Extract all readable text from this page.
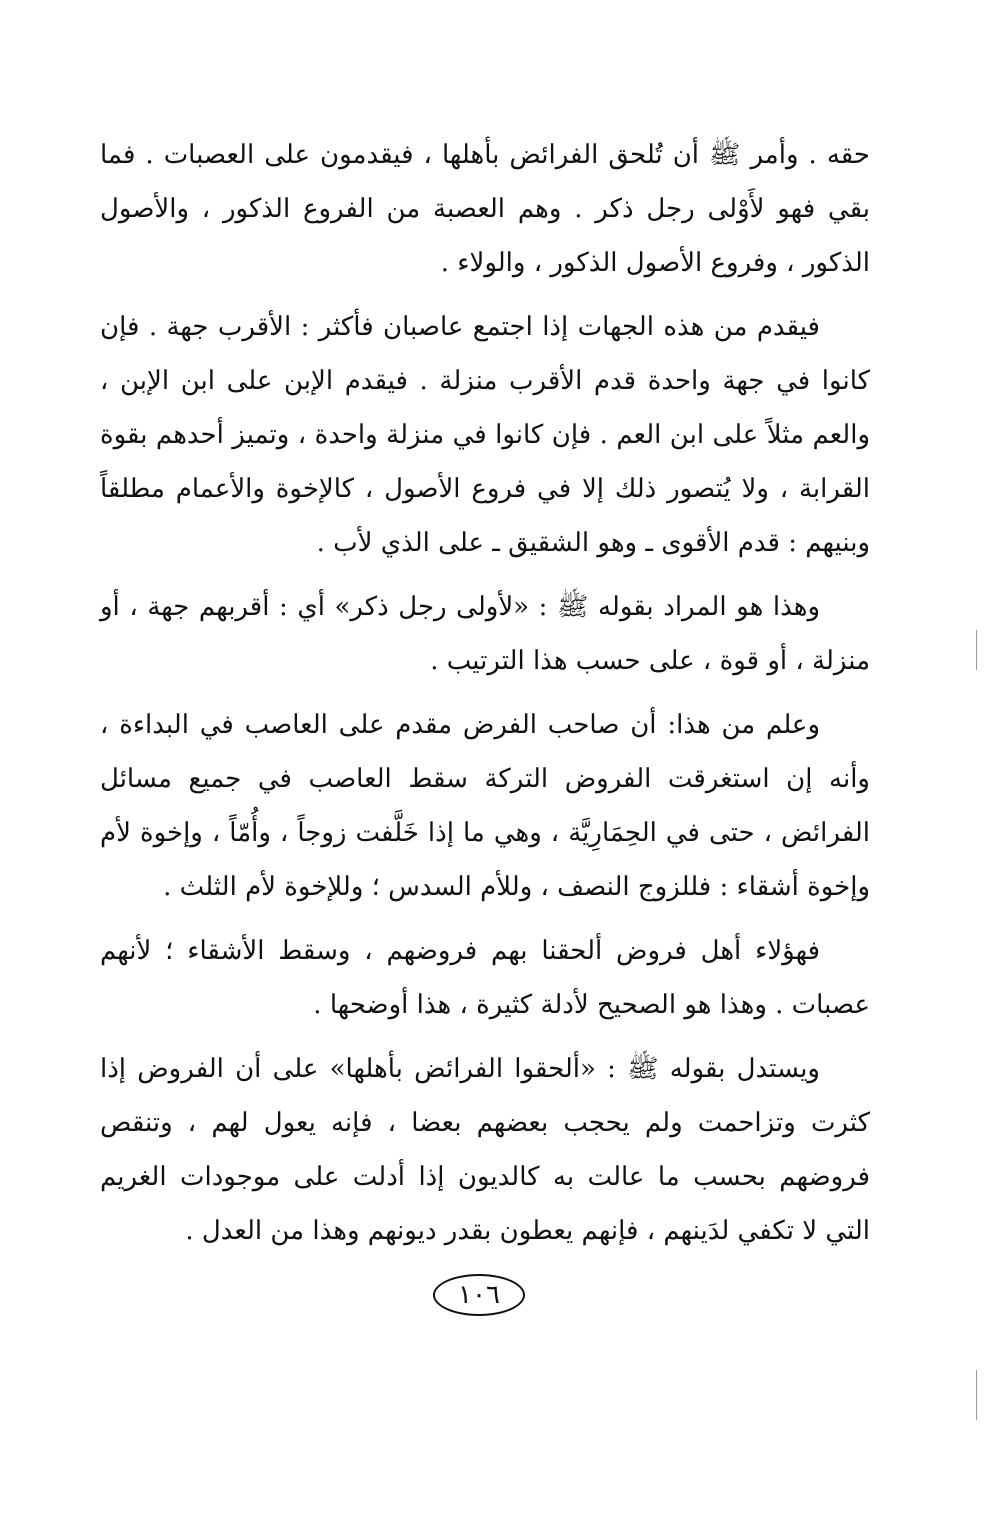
حقه . وأمر ﷺ أن تُلحق الفرائض بأهلها ، فيقدمون على العصبات . فما بقي فهو لأَوْلى رجل ذكر . وهم العصبة من الفروع الذكور ، والأصول الذكور ، وفروع الأصول الذكور ، والولاء .

فيقدم من هذه الجهات إذا اجتمع عاصبان فأكثر : الأقرب جهة . فإن كانوا في جهة واحدة قدم الأقرب منزلة . فيقدم الإبن على ابن الإبن ، والعم مثلاً على ابن العم . فإن كانوا في منزلة واحدة ، وتميز أحدهم بقوة القرابة ، ولا يُتصور ذلك إلا في فروع الأصول ، كالإخوة والأعمام مطلقاً وبنيهم : قدم الأقوى ـ وهو الشقيق ـ على الذي لأب .

وهذا هو المراد بقوله ﷺ : «لأولى رجل ذكر» أي : أقربهم جهة ، أو منزلة ، أو قوة ، على حسب هذا الترتيب .

وعلم من هذا: أن صاحب الفرض مقدم على العاصب في البداءة ، وأنه إن استغرقت الفروض التركة سقط العاصب في جميع مسائل الفرائض ، حتى في الحِمَارِيَّة ، وهي ما إذا خَلَّفت زوجاً ، وأُمّاً ، وإخوة لأم وإخوة أشقاء : فللزوج النصف ، وللأم السدس ؛ وللإخوة لأم الثلث .

فهؤلاء أهل فروض ألحقنا بهم فروضهم ، وسقط الأشقاء ؛ لأنهم عصبات . وهذا هو الصحيح لأدلة كثيرة ، هذا أوضحها .

ويستدل بقوله ﷺ : «ألحقوا الفرائض بأهلها» على أن الفروض إذا كثرت وتزاحمت ولم يحجب بعضهم بعضا ، فإنه يعول لهم ، وتنقص فروضهم بحسب ما عالت به كالديون إذا أدلت على موجودات الغريم التي لا تكفي لدَينهم ، فإنهم يعطون بقدر ديونهم وهذا من العدل .

١٠٦
